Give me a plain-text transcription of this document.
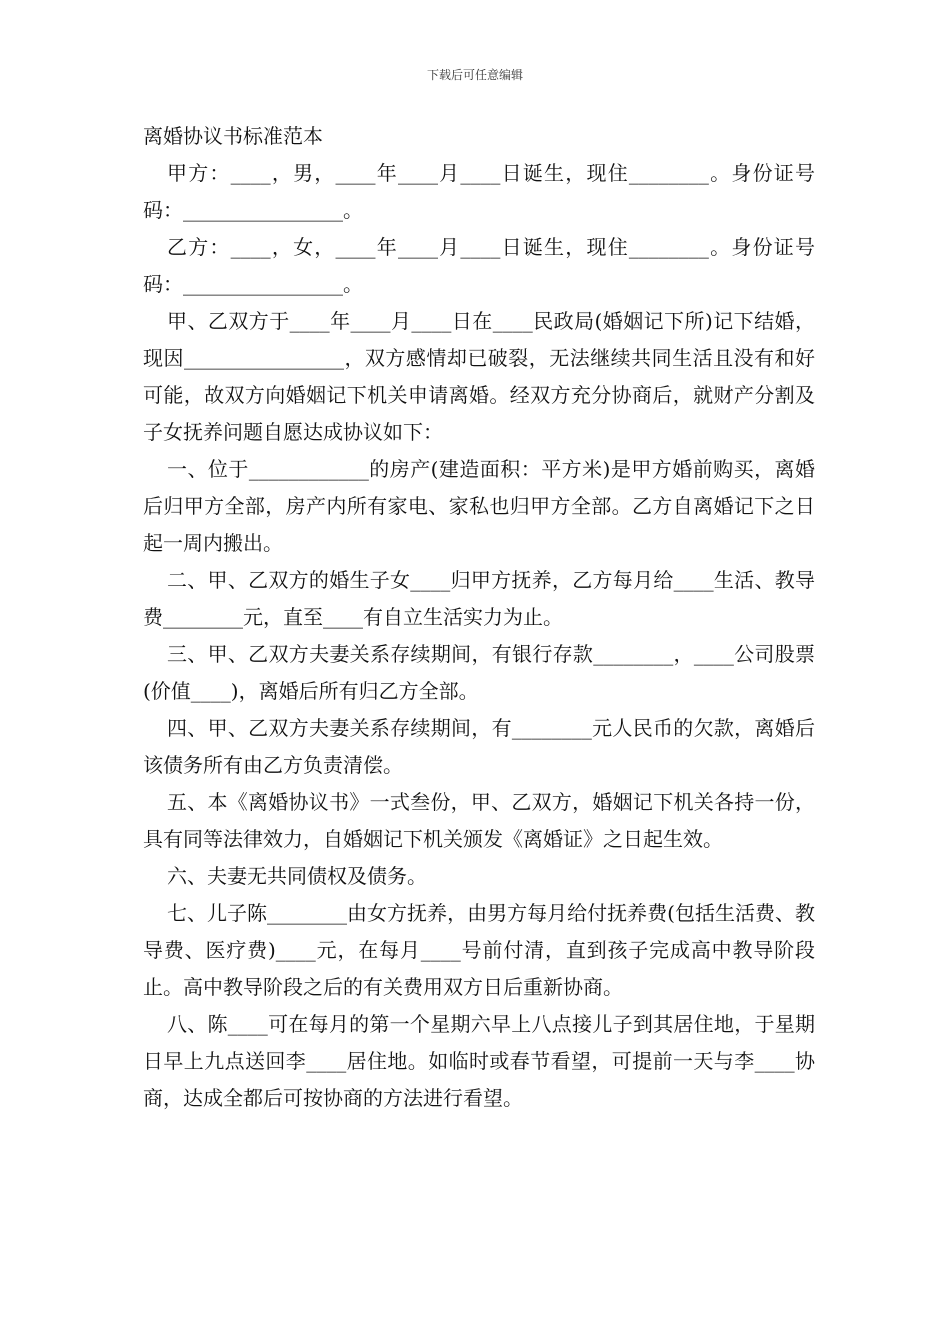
下载后可任意编辑
离婚协议书标准范本

甲方：____，男，____年____月____日诞生，现住________。身份证号码：________________。

乙方：____，女，____年____月____日诞生，现住________。身份证号码：________________。

甲、乙双方于____年____月____日在____民政局(婚姻记下所)记下结婚，现因________________，双方感情却已破裂，无法继续共同生活且没有和好可能，故双方向婚姻记下机关申请离婚。经双方充分协商后，就财产分割及子女抚养问题自愿达成协议如下：

一、位于____________的房产(建造面积：平方米)是甲方婚前购买，离婚后归甲方全部，房产内所有家电、家私也归甲方全部。乙方自离婚记下之日起一周内搬出。

二、甲、乙双方的婚生子女____归甲方抚养，乙方每月给____生活、教导费________元，直至____有自立生活实力为止。

三、甲、乙双方夫妻关系存续期间，有银行存款________，____公司股票(价值____)，离婚后所有归乙方全部。

四、甲、乙双方夫妻关系存续期间，有________元人民币的欠款，离婚后该债务所有由乙方负责清偿。

五、本《离婚协议书》一式叁份，甲、乙双方，婚姻记下机关各持一份，具有同等法律效力，自婚姻记下机关颁发《离婚证》之日起生效。

六、夫妻无共同债权及债务。

七、儿子陈________由女方抚养，由男方每月给付抚养费(包括生活费、教导费、医疗费)____元，在每月____号前付清，直到孩子完成高中教导阶段止。高中教导阶段之后的有关费用双方日后重新协商。

八、陈____可在每月的第一个星期六早上八点接儿子到其居住地，于星期日早上九点送回李____居住地。如临时或春节看望，可提前一天与李____协商，达成全都后可按协商的方法进行看望。
